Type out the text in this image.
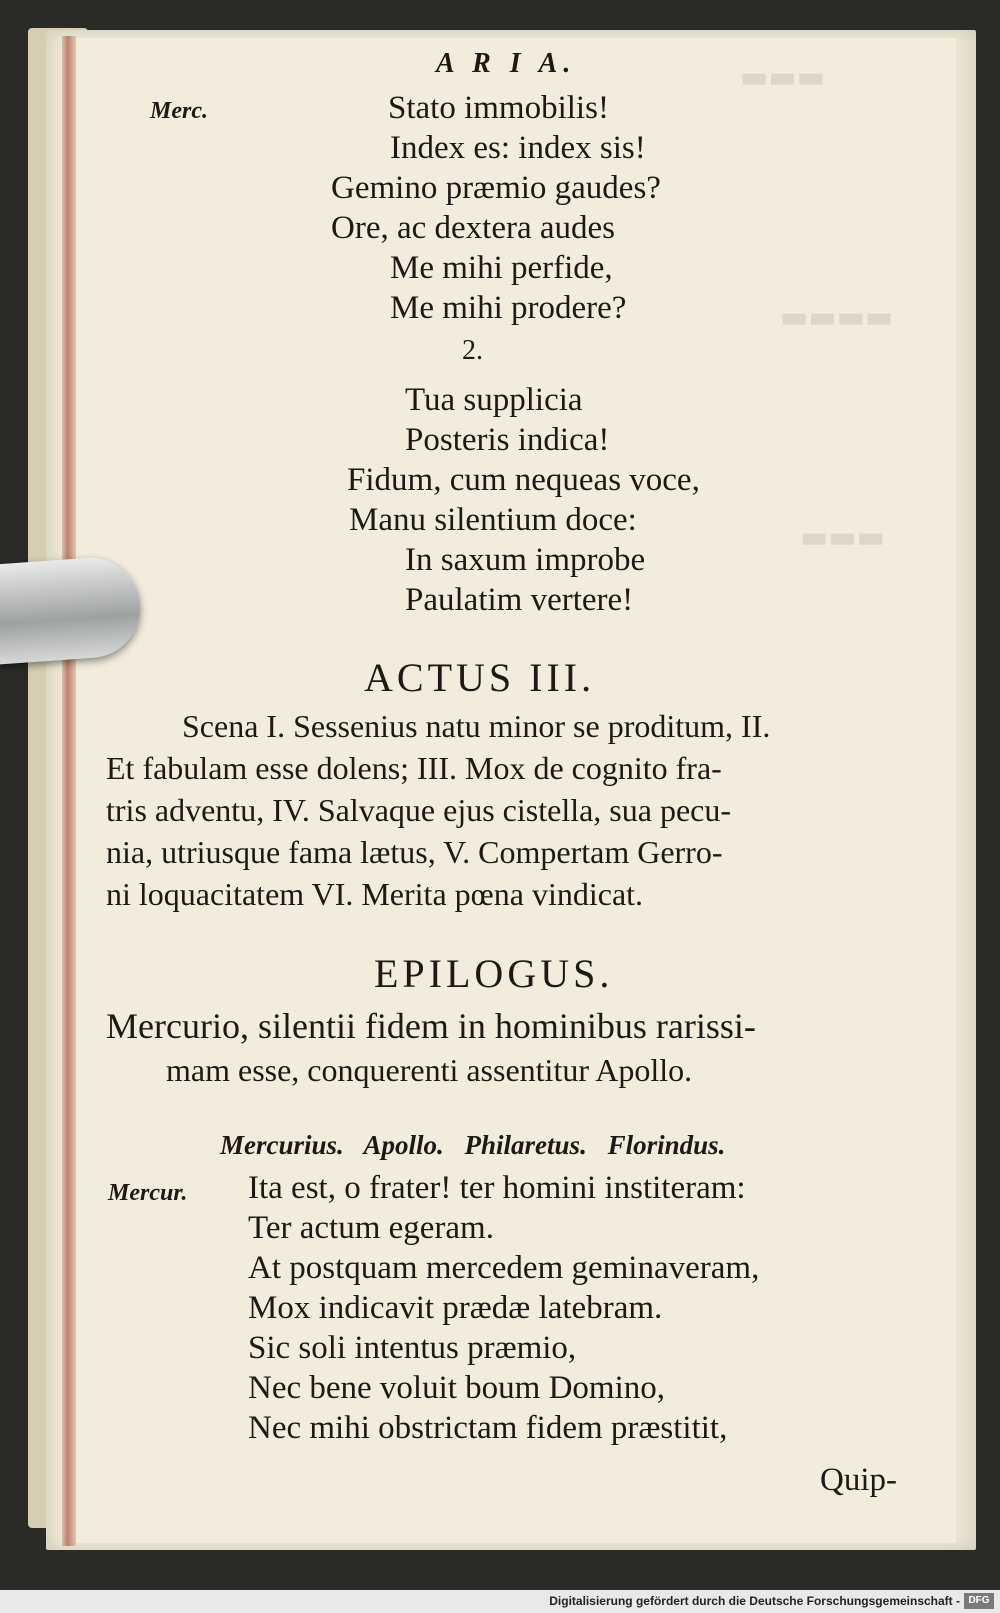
▬▬▬
▬▬▬▬
▬▬▬
A R I A.
Merc.	Stato immobilis!
Index es: index sis!
Gemino præmio gaudes?
Ore, ac dextera audes
Me mihi perfide,
Me mihi prodere?
2.
Tua supplicia
Posteris indica!
Fidum, cum nequeas voce,
Manu silentium doce:
In saxum improbe
Paulatim vertere!
ACTUS III.
Scena I. Sessenius natu minor se proditum, II.
Et fabulam esse dolens; III. Mox de cognito fra-
tris adventu, IV. Salvaque ejus cistella, sua pecu-
nia, utriusque fama lætus, V. Compertam Gerro-
ni loquacitatem VI. Merita pœna vindicat.
EPILOGUS.
Mercurio, silentii fidem in hominibus rarissi-
mam esse, conquerenti assentitur Apollo.
Mercurius. Apollo. Philaretus. Florindus.
Mercur. Ita est, o frater! ter homini institeram:
Ter actum egeram.
At postquam mercedem geminaveram,
Mox indicavit prædæ latebram.
Sic soli intentus præmio,
Nec bene voluit boum Domino,
Nec mihi obstrictam fidem præstitit,
Quip-
Digitalisierung gefördert durch die Deutsche Forschungsgemeinschaft - DFG
